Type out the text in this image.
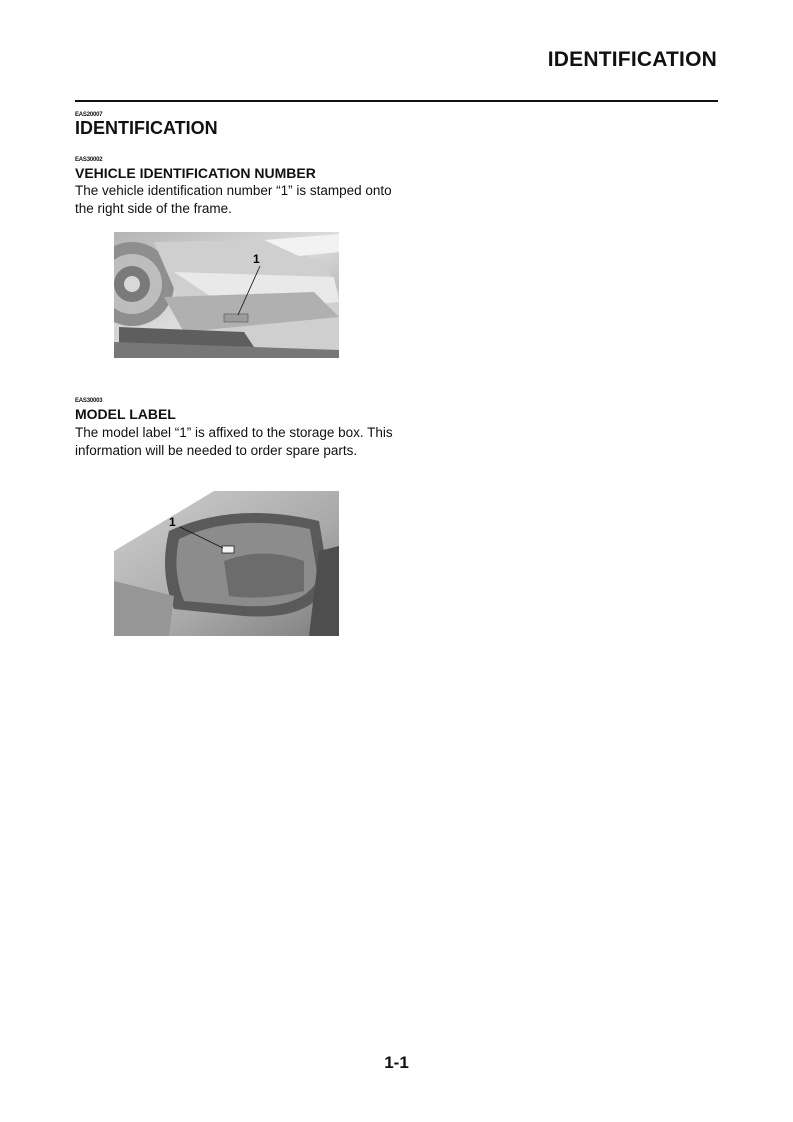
IDENTIFICATION
EAS20007
IDENTIFICATION
EAS30002
VEHICLE IDENTIFICATION NUMBER
The vehicle identification number “1” is stamped onto the right side of the frame.
1
EAS30003
MODEL LABEL
The model label “1” is affixed to the storage box. This information will be needed to order spare parts.
1
1-1
